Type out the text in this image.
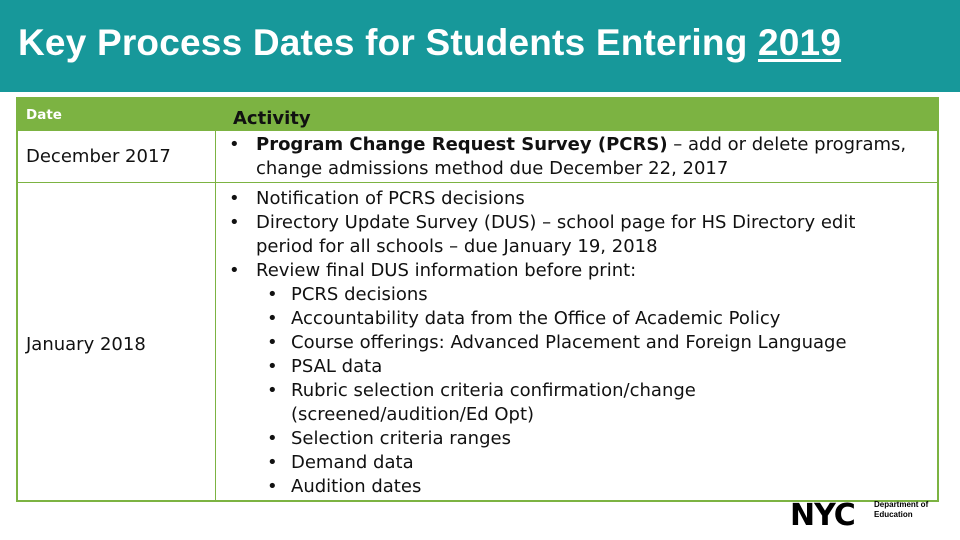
Key Process Dates for Students Entering 2019
Date	Activity
December 2017
January 2018
• Program Change Request Survey (PCRS) – add or delete programs,
change admissions method due December 22, 2017
• Notification of PCRS decisions
• Directory Update Survey (DUS) – school page for HS Directory edit
period for all schools – due January 19, 2018
• Review final DUS information before print:
• PCRS decisions
• Accountability data from the Office of Academic Policy
• Course offerings: Advanced Placement and Foreign Language
• PSAL data
• Rubric selection criteria confirmation/change
(screened/audition/Ed Opt)
• Selection criteria ranges
• Demand data
• Audition dates
NYC Department of
Education
